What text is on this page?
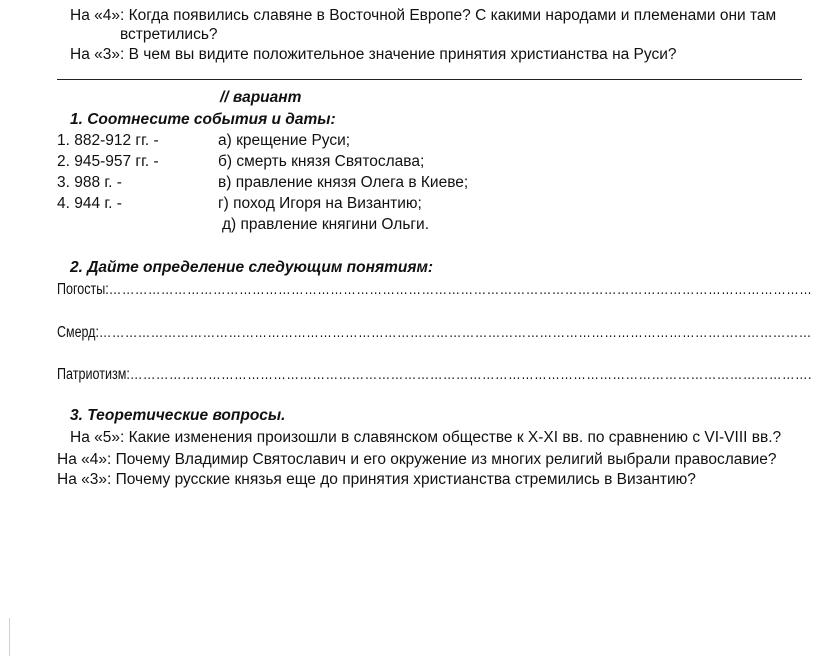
На «4»: Когда появились славяне в Восточной Европе? С какими народами и племенами они там
встретились?
На «3»: В чем вы видите положительное значение принятия христианства на Руси?
// вариант
1. Соотнесите события и даты:
1. 882-912 гг. -
2. 945-957 гг. -
3. 988 г. -
4. 944 г. -
а) крещение Руси;
б) смерть князя Святослава;
в) правление князя Олега в Киеве;
г) поход Игоря на Византию;
д) правление княгини Ольги.
2. Дайте определение следующим понятиям:
Погосты:………………………………………………………………………………………………………………………………………………
Смерд:…………………………………………………………………………………………………………………………………………………
Патриотизм:………………………………………………………………………………………………………………………………………….
3. Теоретические вопросы.
На «5»: Какие изменения произошли в славянском обществе к X-XI вв. по сравнению с VI-VIII вв.?
На «4»: Почему Владимир Святославич и его окружение из многих религий выбрали православие?
На «3»: Почему русские князья еще до принятия христианства стремились в Византию?
